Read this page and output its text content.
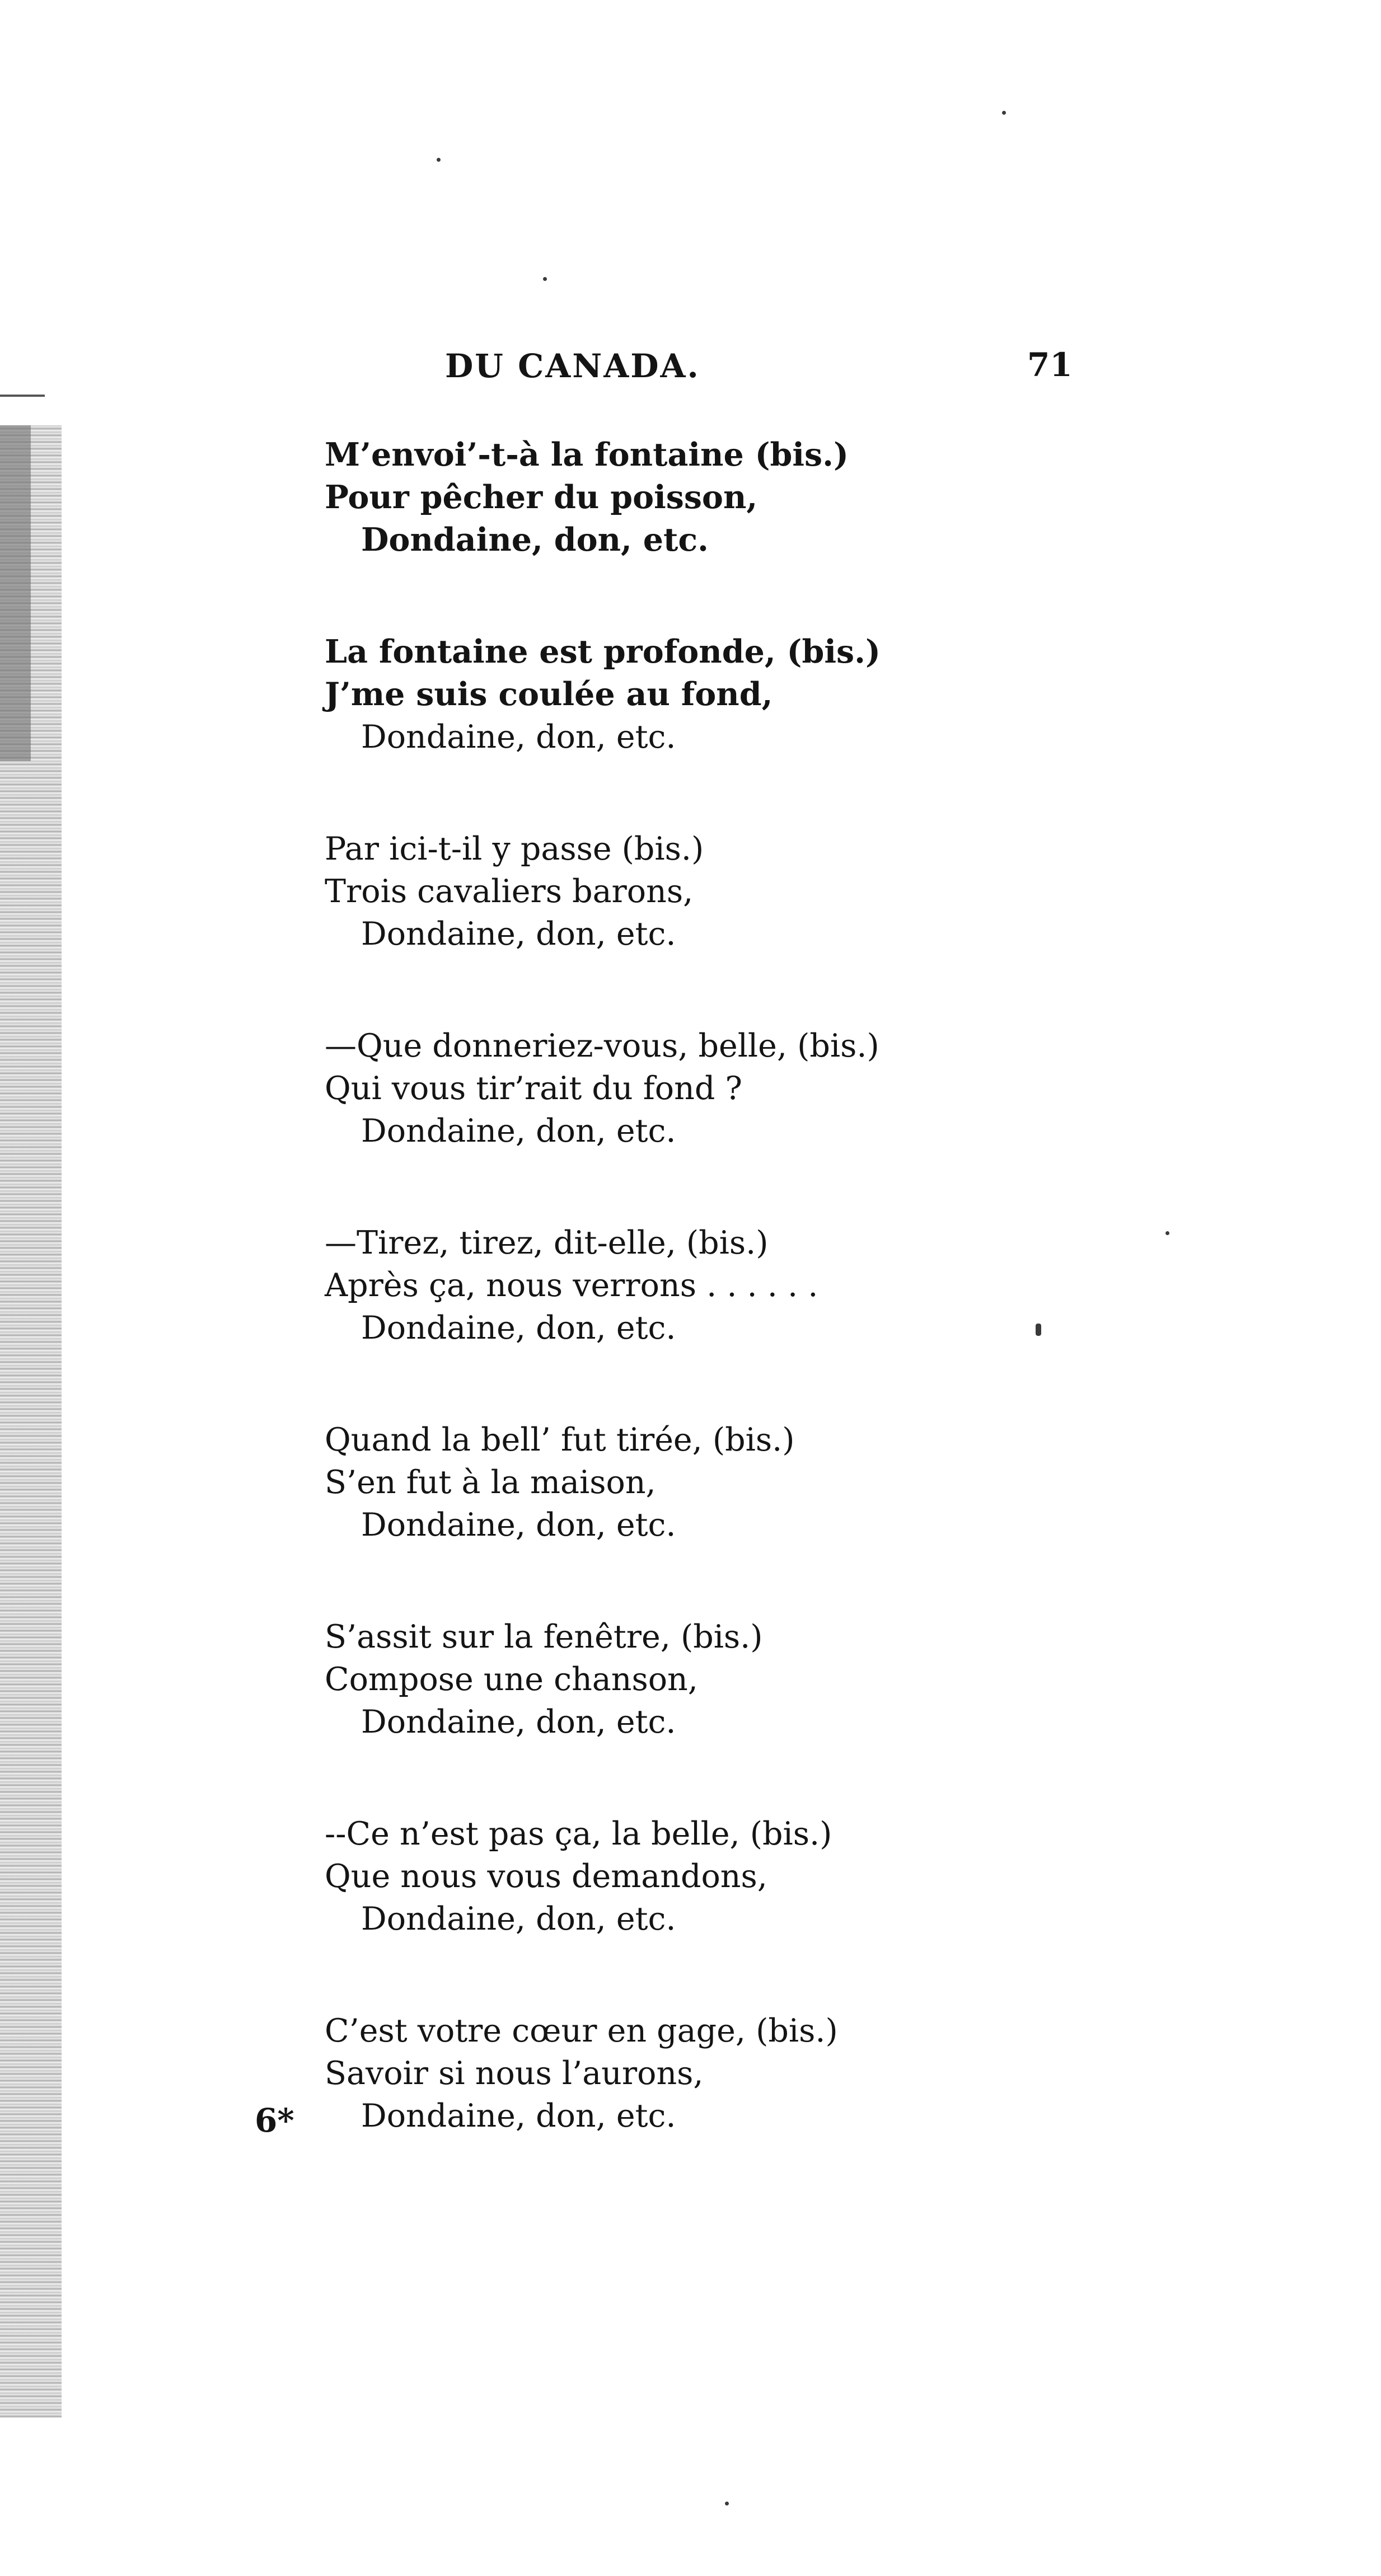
DU CANADA.	71
M’envoi’-t-à la fontaine (bis.)
Pour pêcher du poisson,
Dondaine, don, etc.
La fontaine est profonde, (bis.)
J’me suis coulée au fond,
Dondaine, don, etc.
Par ici-t-il y passe (bis.)
Trois cavaliers barons,
Dondaine, don, etc.
—Que donneriez-vous, belle, (bis.)
Qui vous tir’rait du fond ?
Dondaine, don, etc.
—Tirez, tirez, dit-elle, (bis.)
Après ça, nous verrons . . . . . .
Dondaine, don, etc.
Quand la bell’ fut tirée, (bis.)
S’en fut à la maison,
Dondaine, don, etc.
S’assit sur la fenêtre, (bis.)
Compose une chanson,
Dondaine, don, etc.
--Ce n’est pas ça, la belle, (bis.)
Que nous vous demandons,
Dondaine, don, etc.
C’est votre cœur en gage, (bis.)
Savoir si nous l’aurons,
Dondaine, don, etc.
6*
